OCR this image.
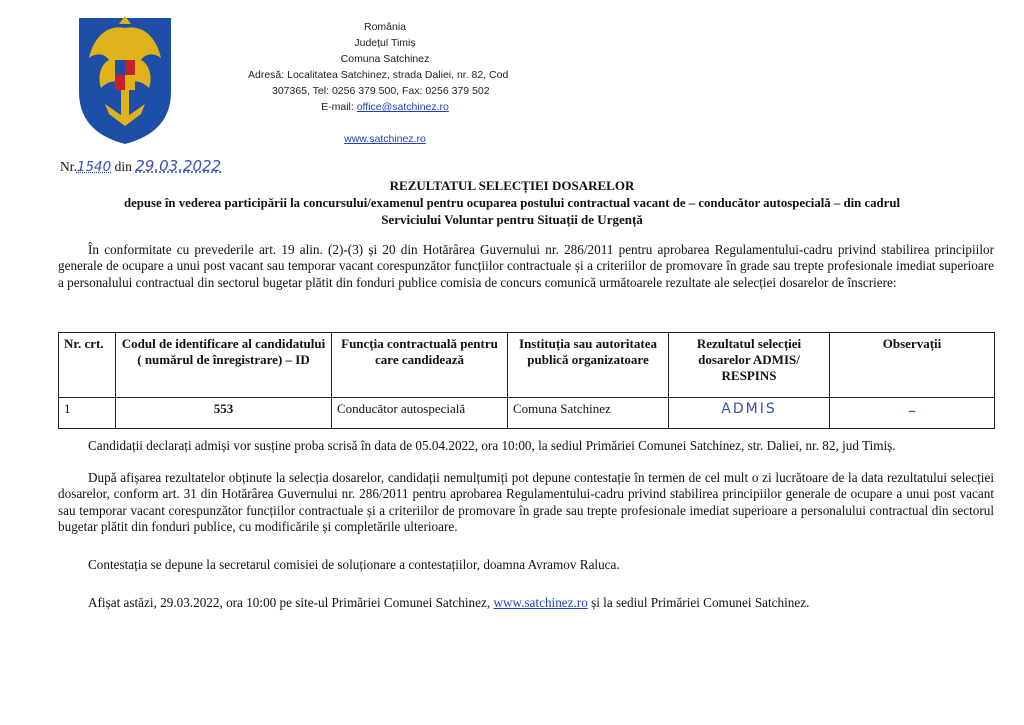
România
Județul Timiș
Comuna Satchinez
Adresă: Localitatea Satchinez, strada Daliei, nr. 82, Cod
307365, Tel: 0256 379 500, Fax: 0256 379 502
E-mail: office@satchinez.ro
www.satchinez.ro
Nr.1540 din 29.03.2022
REZULTATUL SELECȚIEI DOSARELOR
depuse în vederea participării la concursului/examenul pentru ocuparea postului contractual vacant de – conducător autospecială – din cadrul
Serviciului Voluntar pentru Situații de Urgență
În conformitate cu prevederile art. 19 alin. (2)-(3) și 20 din Hotărârea Guvernului nr. 286/2011 pentru aprobarea Regulamentului-cadru privind stabilirea principiilor generale de ocupare a unui post vacant sau temporar vacant corespunzător funcțiilor contractuale și a criteriilor de promovare în grade sau trepte profesionale imediat superioare a personalului contractual din sectorul bugetar plătit din fonduri publice comisia de concurs comunică următoarele rezultate ale selecției dosarelor de înscriere:
Nr. crt.	Codul de identificare al candidatului ( numărul de înregistrare) – ID	Funcția contractuală pentru care candidează	Instituția sau autoritatea publică organizatoare	Rezultatul selecției dosarelor ADMIS/ RESPINS	Observații
1	553	Conducător autospecială	Comuna Satchinez	ADMIS	–
Candidații declarați admiși vor susține proba scrisă în data de 05.04.2022, ora 10:00, la sediul Primăriei Comunei Satchinez, str. Daliei, nr. 82, jud Timiș.
După afișarea rezultatelor obținute la selecția dosarelor, candidații nemulțumiți pot depune contestație în termen de cel mult o zi lucrătoare de la data rezultatului selecției dosarelor, conform art. 31 din Hotărârea Guvernului nr. 286/2011 pentru aprobarea Regulamentului-cadru privind stabilirea principiilor generale de ocupare a unui post vacant sau temporar vacant corespunzător funcțiilor contractuale și a criteriilor de promovare în grade sau trepte profesionale imediat superioare a personalului contractual din sectorul bugetar plătit din fonduri publice, cu modificările și completările ulterioare.
Contestația se depune la secretarul comisiei de soluționare a contestațiilor, doamna Avramov Raluca.
Afișat astăzi, 29.03.2022, ora 10:00 pe site-ul Primăriei Comunei Satchinez, www.satchinez.ro și la sediul Primăriei Comunei Satchinez.
